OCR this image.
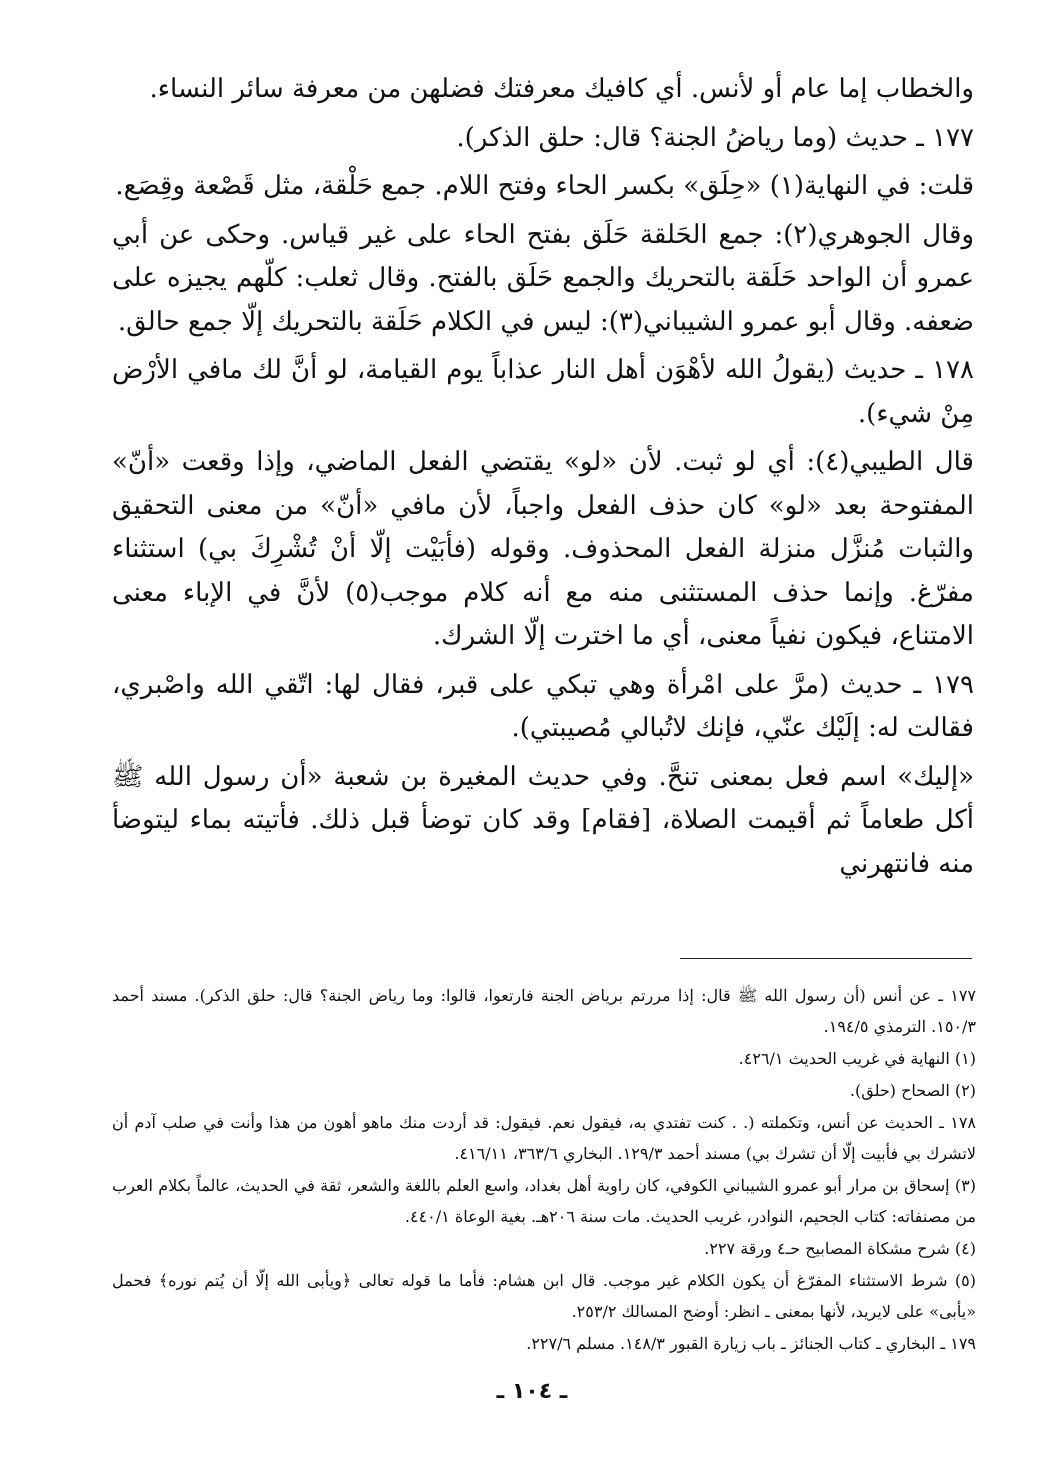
والخطاب إما عام أو لأنس. أي كافيك معرفتك فضلهن من معرفة سائر النساء.

١٧٧ ـ حديث (وما رياضُ الجنة؟ قال: حلق الذكر).

قلت: في النهاية(١) «حِلَق» بكسر الحاء وفتح اللام. جمع حَلْقة، مثل قَصْعة وقِصَع.

وقال الجوهري(٢): جمع الحَلقة حَلَق بفتح الحاء على غير قياس. وحكى عن أبي عمرو أن الواحد حَلَقة بالتحريك والجمع حَلَق بالفتح. وقال ثعلب: كلّهم يجيزه على ضعفه. وقال أبو عمرو الشيباني(٣): ليس في الكلام حَلَقة بالتحريك إلّا جمع حالق.

١٧٨ ـ حديث (يقولُ الله لأهْوَن أهل النار عذاباً يوم القيامة، لو أنَّ لك مافي الأرْض مِنْ شيء).

قال الطيبي(٤): أي لو ثبت. لأن «لو» يقتضي الفعل الماضي، وإذا وقعت «أنّ» المفتوحة بعد «لو» كان حذف الفعل واجباً، لأن مافي «أنّ» من معنى التحقيق والثبات مُنزَّل منزلة الفعل المحذوف. وقوله (فأبَيْت إلّا أنْ تُشْرِكَ بي) استثناء مفرّغ. وإنما حذف المستثنى منه مع أنه كلام موجب(٥) لأنَّ في الإباء معنى الامتناع، فيكون نفياً معنى، أي ما اخترت إلّا الشرك.

١٧٩ ـ حديث (مرَّ على امْرأة وهي تبكي على قبر، فقال لها: اتّقي الله واصْبري، فقالت له: إلَيْك عنّي، فإنك لاتُبالي مُصيبتي).

«إليك» اسم فعل بمعنى تنحَّ. وفي حديث المغيرة بن شعبة «أن رسول الله ﷺ أكل طعاماً ثم أقيمت الصلاة، [فقام] وقد كان توضأ قبل ذلك. فأتيته بماء ليتوضأ منه فانتهرني

١٧٧ ـ عن أنس (أن رسول الله ﷺ قال: إذا مررتم برياض الجنة فارتعوا، قالوا: وما رياض الجنة؟ قال: حلق الذكر). مسند أحمد ١٥٠/٣. الترمذي ١٩٤/٥.

(١) النهاية في غريب الحديث ٤٢٦/١.

(٢) الصحاح (حلق).

١٧٨ ـ الحديث عن أنس، وتكملته (. . كنت تفتدي به، فيقول نعم. فيقول: قد أردت منك ماهو أهون من هذا وأنت في صلب آدم أن لاتشرك بي فأبيت إلّا أن تشرك بي) مسند أحمد ١٢٩/٣. البخاري ٣٦٣/٦، ٤١٦/١١.

(٣) إسحاق بن مرار أبو عمرو الشيباني الكوفي، كان راوية أهل بغداد، واسع العلم باللغة والشعر، ثقة في الحديث، عالماً بكلام العرب من مصنفاته: كتاب الجحيم، النوادر، غريب الحديث. مات سنة ٢٠٦هـ. بغية الوعاة ٤٤٠/١.

(٤) شرح مشكاة المصابيح حـ٤ ورقة ٢٢٧.

(٥) شرط الاستثناء المفرّغ أن يكون الكلام غير موجب. قال ابن هشام: فأما ما قوله تعالى ﴿ويأبى الله إلّا أن يُتم نوره﴾ فحمل «يأبى» على لايريد، لأنها بمعنى ـ انظر: أوضح المسالك ٢٥٣/٢.

١٧٩ ـ البخاري ـ كتاب الجنائز ـ باب زيارة القبور ١٤٨/٣. مسلم ٢٢٧/٦.

ـ ١٠٤ ـ
